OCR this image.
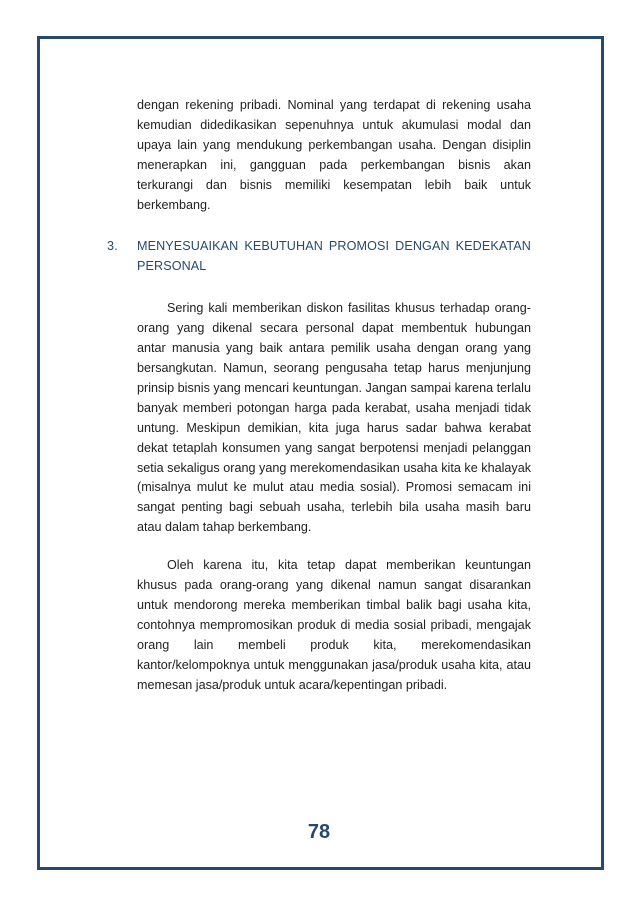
dengan rekening pribadi. Nominal yang terdapat di rekening usaha kemudian didedikasikan sepenuhnya untuk akumulasi modal dan upaya lain yang mendukung perkembangan usaha. Dengan disiplin menerapkan ini, gangguan pada perkembangan bisnis akan terkurangi dan bisnis memiliki kesempatan lebih baik untuk berkembang.

3. MENYESUAIKAN KEBUTUHAN PROMOSI DENGAN KEDEKATAN PERSONAL

Sering kali memberikan diskon fasilitas khusus terhadap orang-orang yang dikenal secara personal dapat membentuk hubungan antar manusia yang baik antara pemilik usaha dengan orang yang bersangkutan. Namun, seorang pengusaha tetap harus menjunjung prinsip bisnis yang mencari keuntungan. Jangan sampai karena terlalu banyak memberi potongan harga pada kerabat, usaha menjadi tidak untung. Meskipun demikian, kita juga harus sadar bahwa kerabat dekat tetaplah konsumen yang sangat berpotensi menjadi pelanggan setia sekaligus orang yang merekomendasikan usaha kita ke khalayak (misalnya mulut ke mulut atau media sosial). Promosi semacam ini sangat penting bagi sebuah usaha, terlebih bila usaha masih baru atau dalam tahap berkembang.

Oleh karena itu, kita tetap dapat memberikan keuntungan khusus pada orang-orang yang dikenal namun sangat disarankan untuk mendorong mereka memberikan timbal balik bagi usaha kita, contohnya mempromosikan produk di media sosial pribadi, mengajak orang lain membeli produk kita, merekomendasikan kantor/kelompoknya untuk menggunakan jasa/produk usaha kita, atau memesan jasa/produk untuk acara/kepentingan pribadi.

78
